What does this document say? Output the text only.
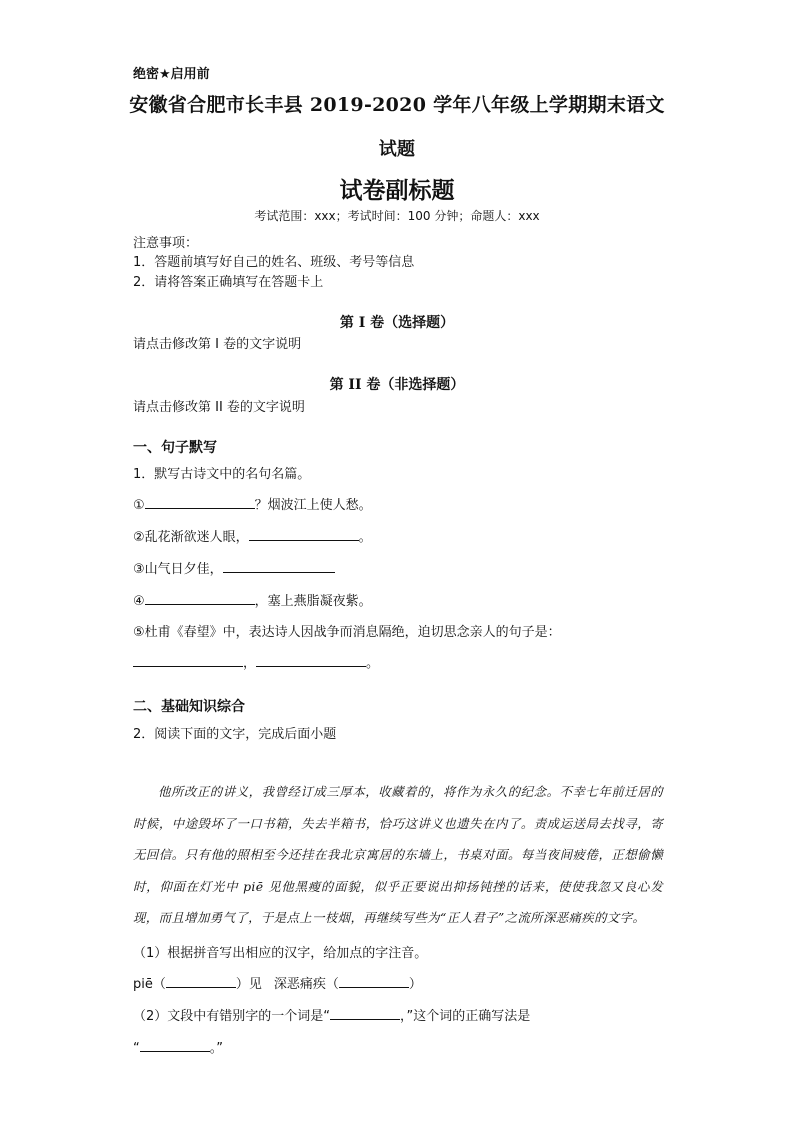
绝密★启用前
安徽省合肥市长丰县 2019-2020 学年八年级上学期期末语文
试题
试卷副标题
考试范围：xxx；考试时间：100 分钟；命题人：xxx
注意事项：
1．答题前填写好自己的姓名、班级、考号等信息
2．请将答案正确填写在答题卡上
第 I 卷（选择题）
请点击修改第 I 卷的文字说明
第 II 卷（非选择题）
请点击修改第 II 卷的文字说明
一、句子默写
1．默写古诗文中的名句名篇。
①	？烟波江上使人愁。
②乱花渐欲迷人眼，	。
③山气日夕佳，
④	，塞上燕脂凝夜紫。
⑤杜甫《春望》中，表达诗人因战争而消息隔绝，迫切思念亲人的句子是：
，	。
二、基础知识综合
2．阅读下面的文字，完成后面小题
他所改正的讲义，我曾经订成三厚本，收藏着的，将作为永久的纪念。不幸七年前迁居的时候，中途毁坏了一口书箱，失去半箱书，恰巧这讲义也遗失在内了。责成运送局去找寻，寄无回信。只有他的照相至今还挂在我北京寓居的东墙上，书桌对面。每当夜间疲倦，正想偷懒时，仰面在灯光中 piē 见他黑瘦的面貌，似乎正要说出抑扬钝挫的话来，使使我忽又良心发现，而且增加勇气了，于是点上一枝烟，再继续写些为“正人君子”之流所深恶痛疾的文字。
（1）根据拼音写出相应的汉字，给加点的字注音。
piē（	）见 深恶痛疾（	）
（2）文段中有错别字的一个词是“	，”这个词的正确写法是
“	。”
